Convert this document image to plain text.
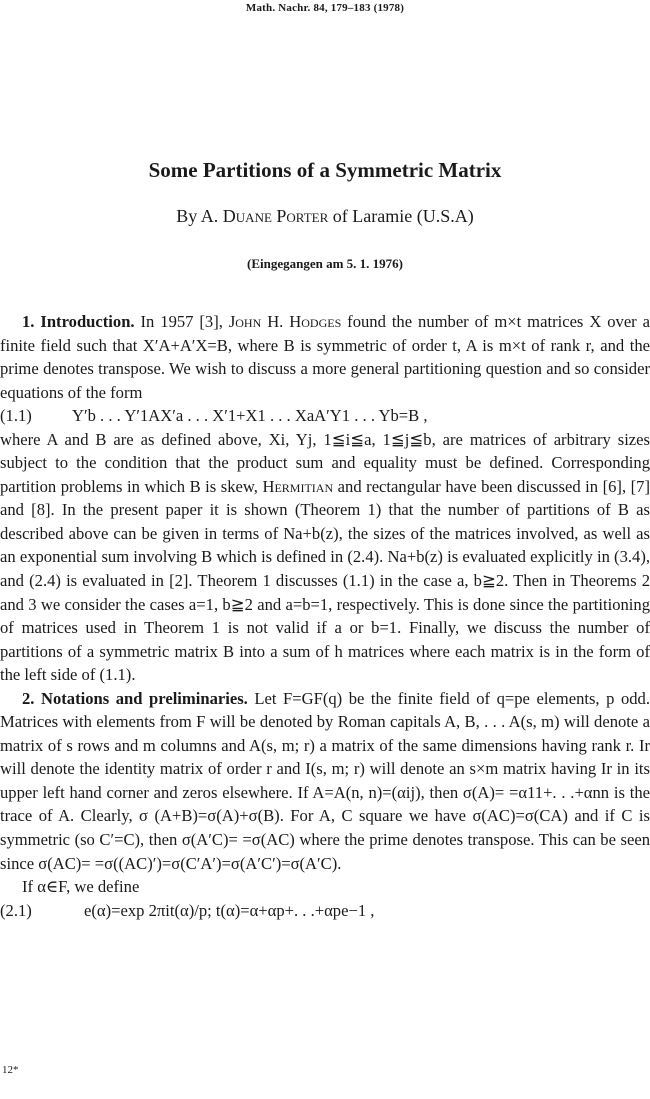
Math. Nachr. 84, 179–183 (1978)
Some Partitions of a Symmetric Matrix
By A. Duane Porter of Laramie (U.S.A)
(Eingegangen am 5. 1. 1976)

1. Introduction. In 1957 [3], John H. Hodges found the number of m×t matrices X over a finite field such that X′A+A′X=B, where B is symmetric of order t, A is m×t of rank r, and the prime denotes transpose. We wish to discuss a more general partitioning question and so consider equations of the form

(1.1)	Y′b . . . Y′1AX′a . . . X′1+X1 . . . XaA′Y1 . . . Yb=B ,

where A and B are as defined above, Xi, Yj, 1≦i≦a, 1≦j≦b, are matrices of arbitrary sizes subject to the condition that the product sum and equality must be defined. Corresponding partition problems in which B is skew, Hermitian and rectangular have been discussed in [6], [7] and [8]. In the present paper it is shown (Theorem 1) that the number of partitions of B as described above can be given in terms of Na+b(z), the sizes of the matrices involved, as well as an exponential sum involving B which is defined in (2.4). Na+b(z) is evaluated explicitly in (3.4), and (2.4) is evaluated in [2]. Theorem 1 discusses (1.1) in the case a, b≧2. Then in Theorems 2 and 3 we consider the cases a=1, b≧2 and a=b=1, respectively. This is done since the partitioning of matrices used in Theorem 1 is not valid if a or b=1. Finally, we discuss the number of partitions of a symmetric matrix B into a sum of h matrices where each matrix is in the form of the left side of (1.1).

2. Notations and preliminaries. Let F=GF(q) be the finite field of q=pe elements, p odd. Matrices with elements from F will be denoted by Roman capitals A, B, . . . A(s, m) will denote a matrix of s rows and m columns and A(s, m; r) a matrix of the same dimensions having rank r. Ir will denote the identity matrix of order r and I(s, m; r) will denote an s×m matrix having Ir in its upper left hand corner and zeros elsewhere. If A=A(n, n)=(αij), then σ(A)= =α11+. . .+αnn is the trace of A. Clearly, σ (A+B)=σ(A)+σ(B). For A, C square we have σ(AC)=σ(CA) and if C is symmetric (so C′=C), then σ(A′C)= =σ(AC) where the prime denotes transpose. This can be seen since σ(AC)= =σ((AC)′)=σ(C′A′)=σ(A′C′)=σ(A′C).

If α∈F, we define

(2.1)	e(α)=exp 2πit(α)/p; t(α)=α+αp+. . .+αpe−1 ,
12*
